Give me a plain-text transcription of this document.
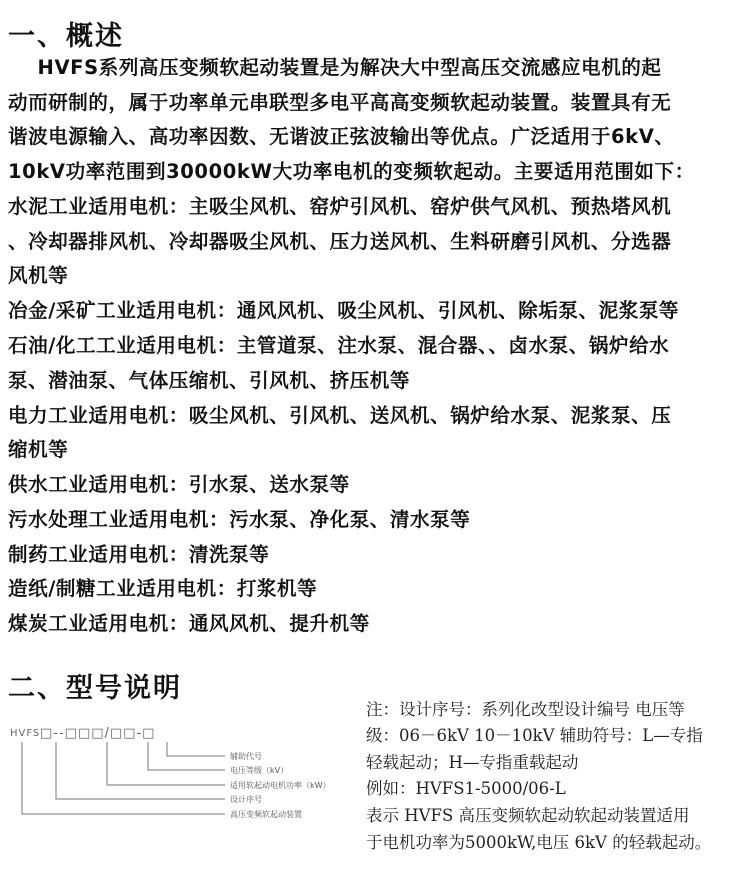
一、概述
HVFS系列高压变频软起动装置是为解决大中型高压交流感应电机的起
动而研制的，属于功率单元串联型多电平高高变频软起动装置。装置具有无
谐波电源输入、高功率因数、无谐波正弦波输出等优点。广泛适用于6kV、
10kV功率范围到30000kW大功率电机的变频软起动。主要适用范围如下：
水泥工业适用电机：主吸尘风机、窑炉引风机、窑炉供气风机、预热塔风机
、冷却器排风机、冷却器吸尘风机、压力送风机、生料研磨引风机、分选器
风机等
冶金/采矿工业适用电机：通风风机、吸尘风机、引风机、除垢泵、泥浆泵等
石油/化工工业适用电机：主管道泵、注水泵、混合器、、卤水泵、锅炉给水
泵、潜油泵、气体压缩机、引风机、挤压机等
电力工业适用电机：吸尘风机、引风机、送风机、锅炉给水泵、泥浆泵、压
缩机等
供水工业适用电机：引水泵、送水泵等
污水处理工业适用电机：污水泵、净化泵、清水泵等
制药工业适用电机：清洗泵等
造纸/制糖工业适用电机：打浆机等
煤炭工业适用电机：通风风机、提升机等
二、型号说明
HVFS □--□□□/□□-□
辅助代号
电压等级（kV）
适用软起动电机功率（kW）
设计序号
高压变频软起动装置
注：设计序号：系列化改型设计编号 电压等
级：06－6kV 10－10kV 辅助符号：L—专指
轻载起动；H—专指重载起动
例如：HVFS1-5000/06-L
表示 HVFS 高压变频软起动软起动装置适用
于电机功率为5000kW,电压 6kV 的轻载起动。
